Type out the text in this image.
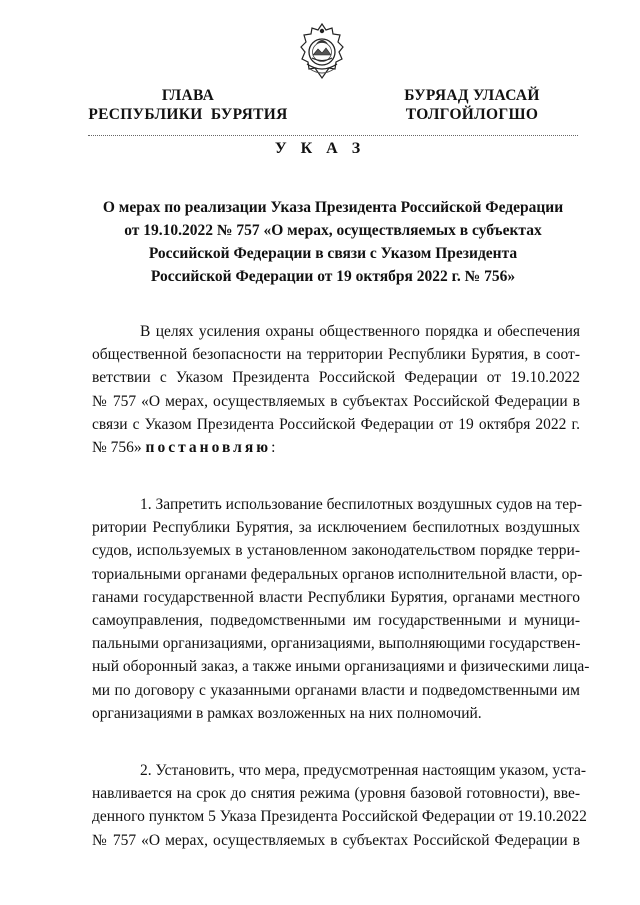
ГЛАВА
РЕСПУБЛИКИ  БУРЯТИЯ
БУРЯАД УЛАСАЙ
ТОЛГОЙЛОГШО
У К А З
О мерах по реализации Указа Президента Российской Федерации
от 19.10.2022 № 757 «О мерах, осуществляемых в субъектах
Российской Федерации в связи с Указом Президента
Российской Федерации от 19 октября 2022 г. № 756»
В целях усиления охраны общественного порядка и обеспечения
общественной безопасности на территории Республики Бурятия, в соот-
ветствии с Указом Президента Российской Федерации от 19.10.2022
№ 757 «О мерах, осуществляемых в субъектах Российской Федерации в
связи с Указом Президента Российской Федерации от 19 октября 2022 г.
№ 756» постановляю:
1. Запретить использование беспилотных воздушных судов на тер-
ритории Республики Бурятия, за исключением беспилотных воздушных
судов, используемых в установленном законодательством порядке терри-
ториальными органами федеральных органов исполнительной власти, ор-
ганами государственной власти Республики Бурятия, органами местного
самоуправления, подведомственными им государственными и муници-
пальными организациями, организациями, выполняющими государствен-
ный оборонный заказ, а также иными организациями и физическими лица-
ми по договору с указанными органами власти и подведомственными им
организациями в рамках возложенных на них полномочий.
2. Установить, что мера, предусмотренная настоящим указом, уста-
навливается на срок до снятия режима (уровня базовой готовности), вве-
денного пунктом 5 Указа Президента Российской Федерации от 19.10.2022
№ 757 «О мерах, осуществляемых в субъектах Российской Федерации в
